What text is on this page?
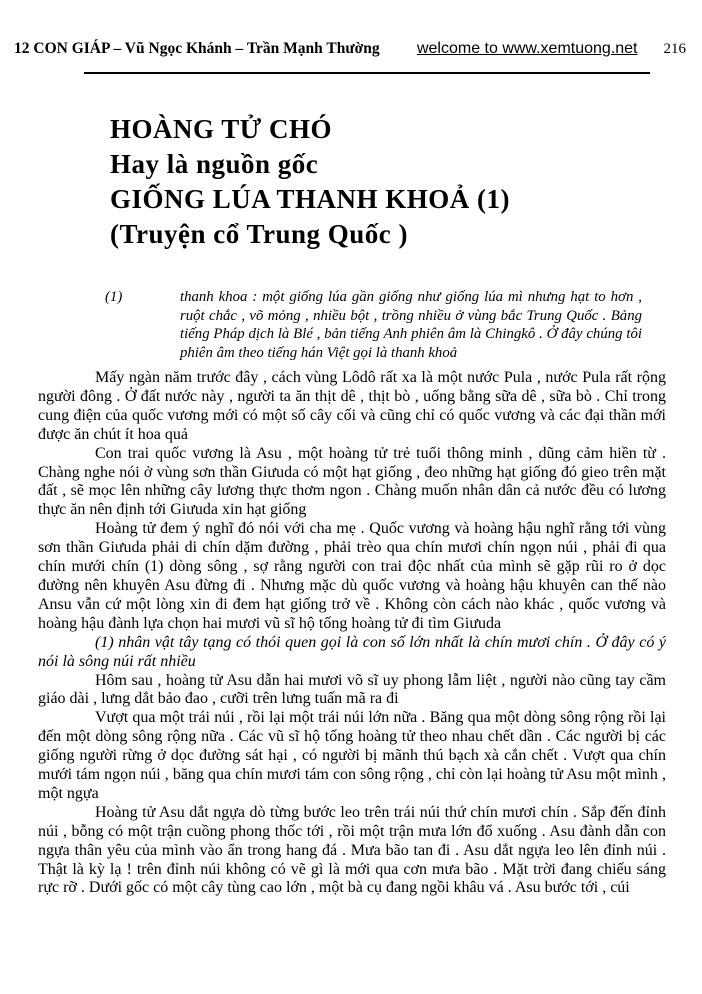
12 CON GIÁP – Vũ Ngọc Khánh – Trần Mạnh Thường welcome to www.xemtuong.net 216
HOÀNG TỬ CHÓ
Hay là nguồn gốc
GIỐNG LÚA THANH KHOẢ (1)
(Truyện cổ Trung Quốc )
(1)	thanh khoa : một giống lúa gần giống như giống lúa mì nhưng hạt to hơn , ruột chắc , võ mỏng , nhiều bột , trồng nhiều ở vùng bắc Trung Quốc . Bảng tiếng Pháp dịch là Blé , bản tiếng Anh phiên âm là Chingkô . Ở đây chúng tôi phiên âm theo tiếng hán Việt gọi là thanh khoả

Mấy ngàn năm trước đây , cách vùng Lôdô rất xa là một nước Pula , nước Pula rất rộng người đông . Ở đất nước này , người ta ăn thịt dê , thịt bò , uống bằng sữa dê , sữa bò . Chỉ trong cung điện của quốc vương mới có một số cây cối và cũng chỉ có quốc vương và các đại thần mới được ăn chút ít hoa quả

Con trai quốc vương là Asu , một hoàng tử trẻ tuổi thông minh , dũng cảm hiền từ . Chàng nghe nói ở vùng sơn thần Giưuda có một hạt giống , đeo những hạt giống đó gieo trên mặt đất , sẽ mọc lên những cây lương thực thơm ngon . Chàng muốn nhân dân cả nước đều có lương thực ăn nên định tới Giưuda xin hạt giống

Hoàng tử đem ý nghĩ đó nói với cha mẹ . Quốc vương và hoàng hậu nghĩ rằng tới vùng sơn thần Giưuda phải di chín dặm đường , phải trèo qua chín mươi chín ngọn núi , phải đi qua chín mưới chín (1) dòng sông , sợ rằng người con trai độc nhất của mình sẽ gặp rũi ro ở dọc đường nên khuyên Asu đừng đi . Nhưng mặc dù quốc vương và hoàng hậu khuyên can thế nào Ansu vẫn cứ một lòng xin đi đem hạt giống trở về . Không còn cách nào khác , quốc vương và hoàng hậu đành lựa chọn hai mươi vũ sĩ hộ tống hoàng tử đi tìm Giưuda

(1) nhân vật tây tạng có thói quen gọi là con số lớn nhất là chín mươi chín . Ở đây có ý nói là sông núi rất nhiều

Hôm sau , hoàng tử Asu dẫn hai mươi võ sĩ uy phong lẫm liệt , người nào cũng tay cầm giáo dài , lưng dắt bảo đao , cưỡi trên lưng tuấn mã ra đi

Vượt qua một trái núi , rồi lại một trái núi lớn nữa . Băng qua một dòng sông rộng rồi lại đến một dòng sông rộng nữa . Các vũ sĩ hộ tống hoàng tử theo nhau chết dần . Các người bị các giống người rừng ở dọc đường sát hại , có người bị mãnh thú bạch xà cắn chết . Vượt qua chín mưới tám ngọn núi , băng qua chín mươi tám con sông rộng , chỉ còn lại hoàng tử Asu một mình , một ngựa

Hoàng tử Asu dắt ngựa dò từng bước leo trên trái núi thứ chín mươi chín . Sắp đến đỉnh núi , bỗng có một trận cuồng phong thốc tới , rồi một trận mưa lớn đổ xuống . Asu đành dẫn con ngựa thân yêu của mình vào ẩn trong hang đá . Mưa bão tan đi . Asu dắt ngựa leo lên đỉnh núi . Thật là kỳ lạ ! trên đỉnh núi không có vẽ gì là mới qua cơn mưa bão . Mặt trời đang chiếu sáng rực rỡ . Dưới gốc có một cây tùng cao lớn , một bà cụ đang ngồi khâu vá . Asu bước tới , cúi
